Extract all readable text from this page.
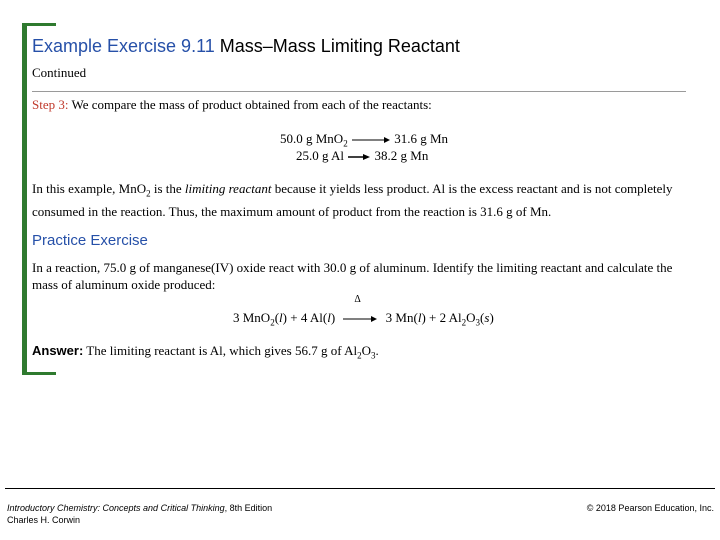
Example Exercise 9.11 Mass–Mass Limiting Reactant
Continued
Step 3: We compare the mass of product obtained from each of the reactants:
50.0 g MnO$_2$ → 31.6 g Mn
25.0 g Al → 38.2 g Mn
In this example, MnO$_2$ is the limiting reactant because it yields less product. Al is the excess reactant and is not completely consumed in the reaction. Thus, the maximum amount of product from the reaction is 31.6 g of Mn.
Practice Exercise
In a reaction, 75.0 g of manganese(IV) oxide react with 30.0 g of aluminum. Identify the limiting reactant and calculate the mass of aluminum oxide produced:
3 MnO$_2$(l) + 4 Al(l)
Δ
3 Mn(l) + 2 $Al_2O_3(s)$
Answer: The limiting reactant is Al, which gives 56.7 g of $Al_2O_3$.
Introductory Chemistry: Concepts and Critical Thinking, 8th Edition
Charles H. Corwin
© 2018 Pearson Education, Inc.
